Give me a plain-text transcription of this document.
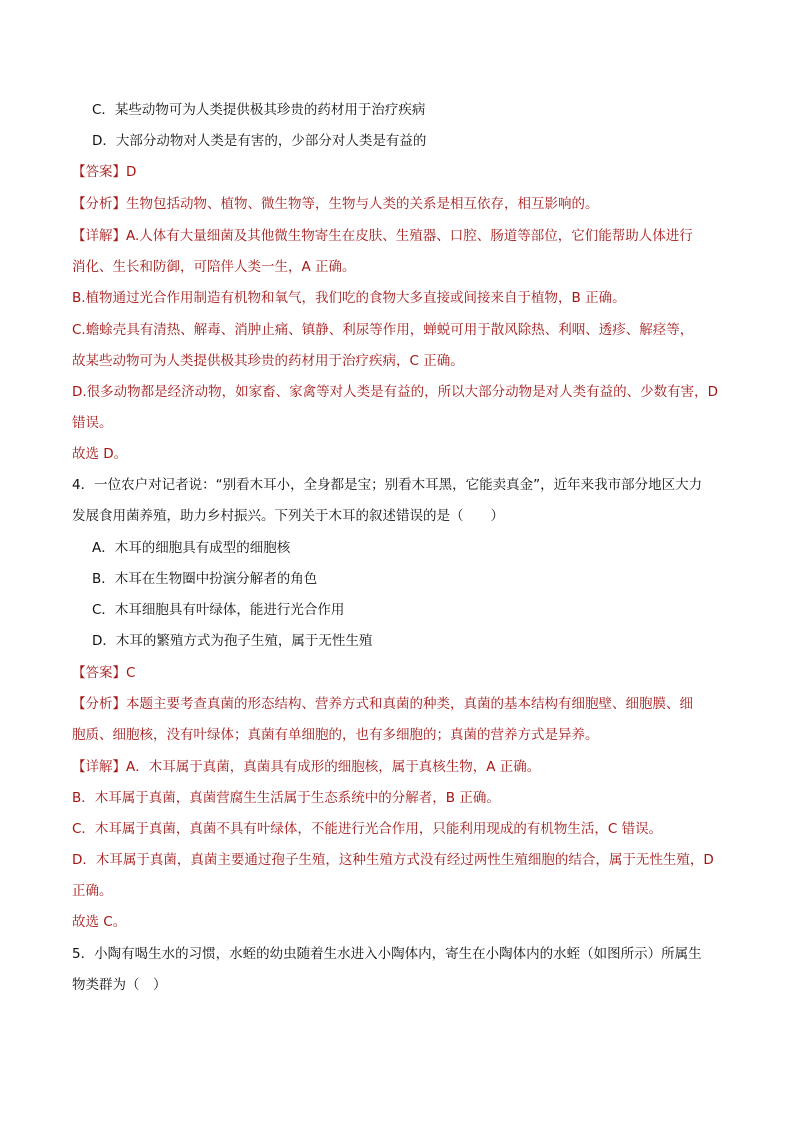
C．某些动物可为人类提供极其珍贵的药材用于治疗疾病
D．大部分动物对人类是有害的，少部分对人类是有益的
【答案】D
【分析】生物包括动物、植物、微生物等，生物与人类的关系是相互依存，相互影响的。
【详解】A.人体有大量细菌及其他微生物寄生在皮肤、生殖器、口腔、肠道等部位，它们能帮助人体进行
消化、生长和防御，可陪伴人类一生，A 正确。
B.植物通过光合作用制造有机物和氧气，我们吃的食物大多直接或间接来自于植物，B 正确。
C.蟾蜍壳具有清热、解毒、消肿止痛、镇静、利尿等作用，蝉蜕可用于散风除热、利咽、透疹、解痉等，
故某些动物可为人类提供极其珍贵的药材用于治疗疾病，C 正确。
D.很多动物都是经济动物，如家畜、家禽等对人类是有益的，所以大部分动物是对人类有益的、少数有害，D
错误。
故选 D。
4．一位农户对记者说：“别看木耳小，全身都是宝；别看木耳黑，它能卖真金”，近年来我市部分地区大力
发展食用菌养殖，助力乡村振兴。下列关于木耳的叙述错误的是（　　）
A．木耳的细胞具有成型的细胞核
B．木耳在生物圈中扮演分解者的角色
C．木耳细胞具有叶绿体，能进行光合作用
D．木耳的繁殖方式为孢子生殖，属于无性生殖
【答案】C
【分析】本题主要考查真菌的形态结构、营养方式和真菌的种类，真菌的基本结构有细胞壁、细胞膜、细
胞质、细胞核，没有叶绿体；真菌有单细胞的，也有多细胞的；真菌的营养方式是异养。
【详解】A．木耳属于真菌，真菌具有成形的细胞核，属于真核生物，A 正确。
B．木耳属于真菌，真菌营腐生生活属于生态系统中的分解者，B 正确。
C．木耳属于真菌，真菌不具有叶绿体，不能进行光合作用，只能利用现成的有机物生活，C 错误。
D．木耳属于真菌，真菌主要通过孢子生殖，这种生殖方式没有经过两性生殖细胞的结合，属于无性生殖，D
正确。
故选 C。
5．小陶有喝生水的习惯，水蛭的幼虫随着生水进入小陶体内，寄生在小陶体内的水蛭（如图所示）所属生
物类群为（　）
